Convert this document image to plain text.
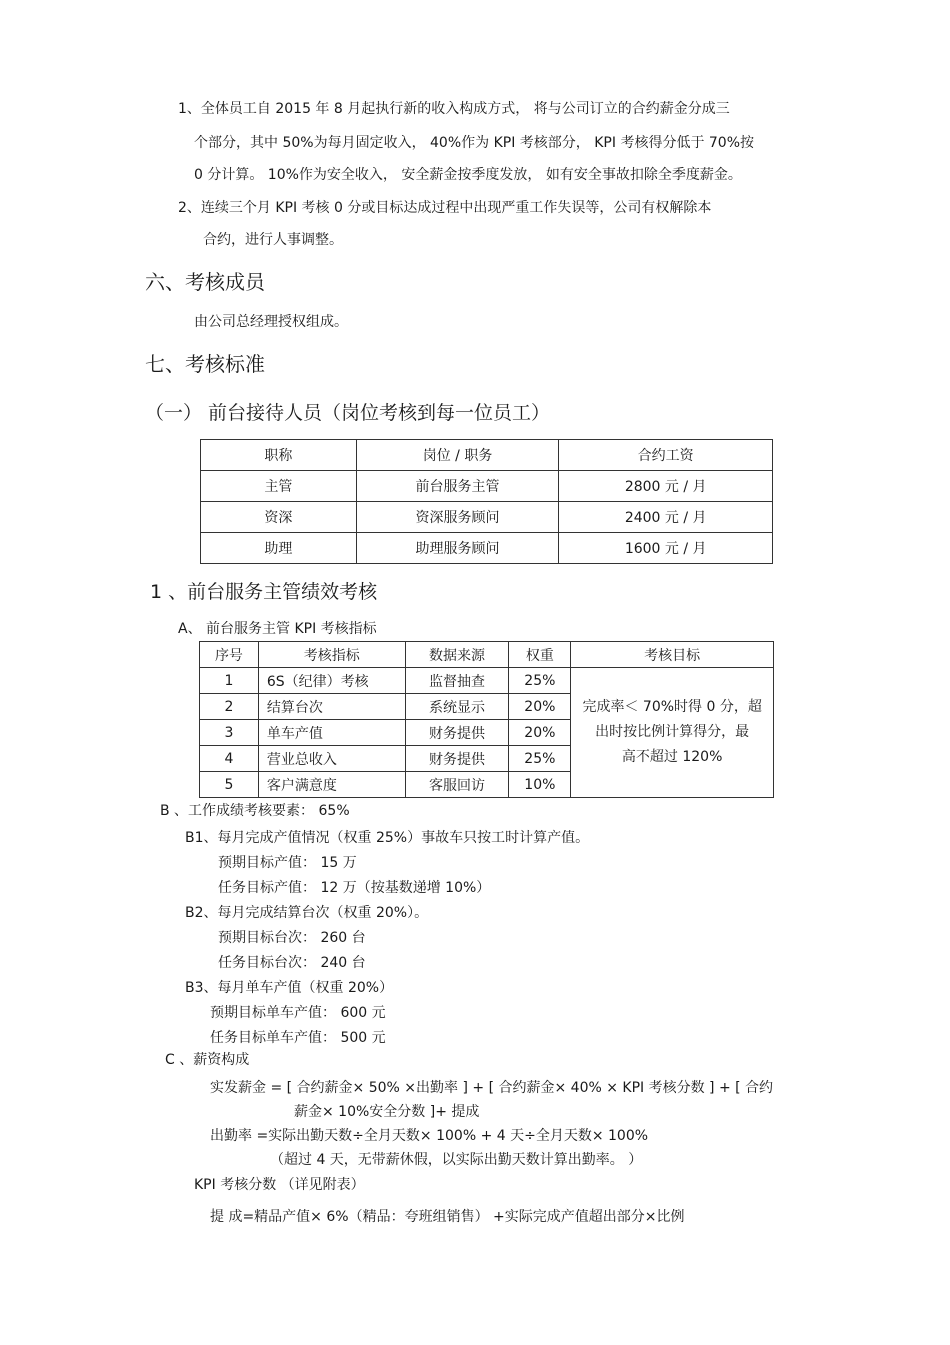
1、全体员工自 2015 年 8 月起执行新的收入构成方式， 将与公司订立的合约薪金分成三
个部分，其中 50%为每月固定收入， 40%作为 KPI 考核部分， KPI 考核得分低于 70%按
0 分计算。 10%作为安全收入， 安全薪金按季度发放， 如有安全事故扣除全季度薪金。
2、连续三个月 KPI 考核 0 分或目标达成过程中出现严重工作失误等，公司有权解除本
合约，进行人事调整。
六、考核成员
由公司总经理授权组成。
七、考核标准
（一） 前台接待人员（岗位考核到每一位员工）
职称	岗位 / 职务	合约工资
主管	前台服务主管	2800 元 / 月
资深	资深服务顾问	2400 元 / 月
助理	助理服务顾问	1600 元 / 月
1 、前台服务主管绩效考核
A、 前台服务主管 KPI 考核指标
序号	考核指标	数据来源	权重	考核目标
1	6S（纪律）考核	监督抽查	25%	完成率＜ 70%时得 0 分，超
出时按比例计算得分，最
高不超过 120%

2	结算台次	系统显示	20%	
3	单车产值	财务提供	20%	
4	营业总收入	财务提供	25%	
5	客户满意度	客服回访	10%	
B 、工作成绩考核要素： 65%
B1、每月完成产值情况（权重 25%）事故车只按工时计算产值。
预期目标产值： 15 万
任务目标产值： 12 万（按基数递增 10%）
B2、每月完成结算台次（权重 20%）。
预期目标台次： 260 台
任务目标台次： 240 台
B3、每月单车产值（权重 20%）
预期目标单车产值： 600 元
任务目标单车产值： 500 元
C 、薪资构成
实发薪金 = [ 合约薪金× 50% ×出勤率 ] + [ 合约薪金× 40% × KPI 考核分数 ] + [ 合约
薪金× 10%安全分数 ]+ 提成
出勤率 =实际出勤天数÷全月天数× 100% + 4 天÷全月天数× 100%
（超过 4 天，无带薪休假，以实际出勤天数计算出勤率。 ）
KPI 考核分数 （详见附表）
提 成=精品产值× 6%（精品：夸班组销售） +实际完成产值超出部分×比例
